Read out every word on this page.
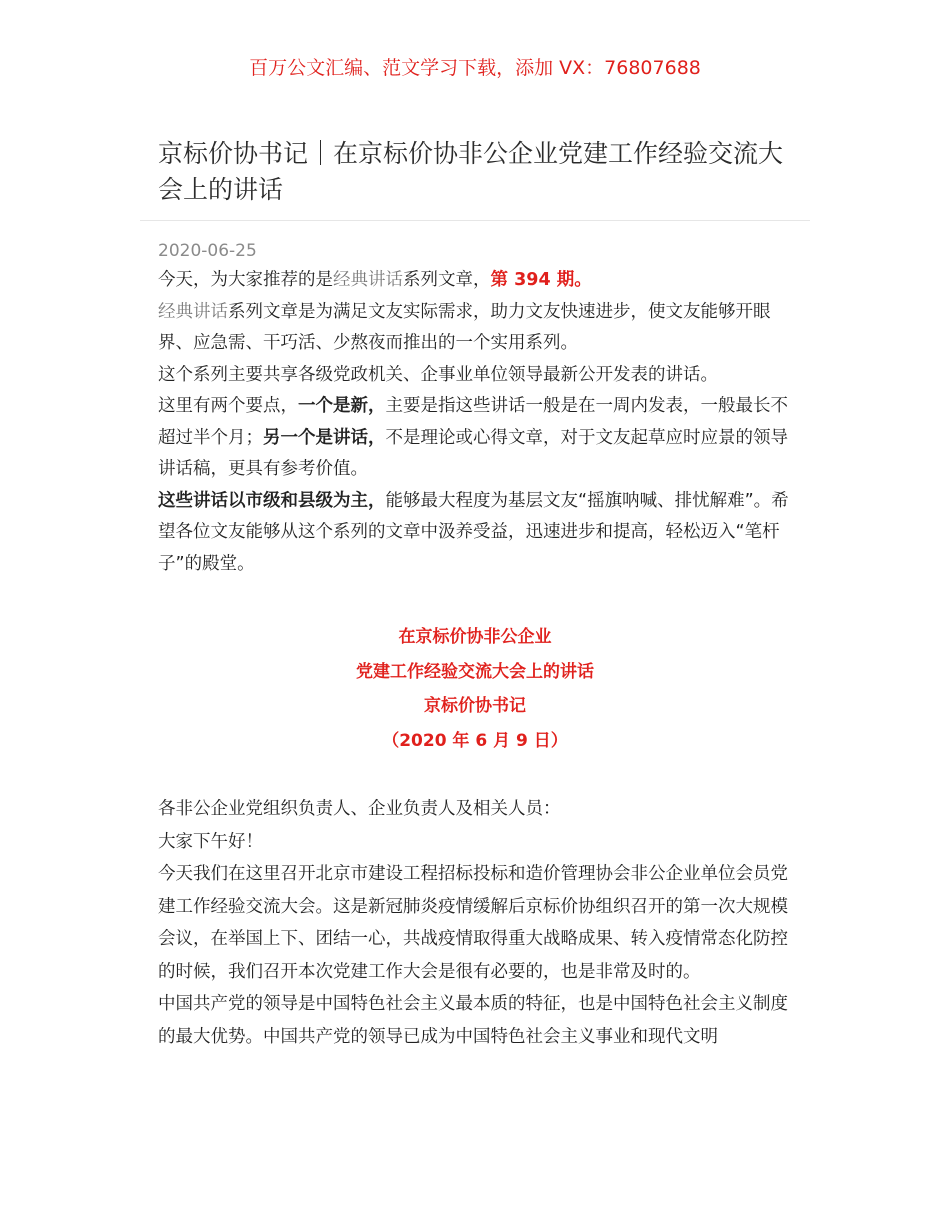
百万公文汇编、范文学习下载，添加 VX：76807688
京标价协书记｜在京标价协非公企业党建工作经验交流大会上的讲话
2020-06-25

今天，为大家推荐的是经典讲话系列文章，第 394 期。

经典讲话系列文章是为满足文友实际需求，助力文友快速进步，使文友能够开眼界、应急需、干巧活、少熬夜而推出的一个实用系列。

这个系列主要共享各级党政机关、企事业单位领导最新公开发表的讲话。

这里有两个要点，一个是新，主要是指这些讲话一般是在一周内发表，一般最长不超过半个月；另一个是讲话，不是理论或心得文章，对于文友起草应时应景的领导讲话稿，更具有参考价值。

这些讲话以市级和县级为主，能够最大程度为基层文友“摇旗呐喊、排忧解难”。希望各位文友能够从这个系列的文章中汲养受益，迅速进步和提高，轻松迈入“笔杆子”的殿堂。

在京标价协非公企业
党建工作经验交流大会上的讲话
京标价协书记
（2020 年 6 月 9 日）

各非公企业党组织负责人、企业负责人及相关人员：

大家下午好！

今天我们在这里召开北京市建设工程招标投标和造价管理协会非公企业单位会员党建工作经验交流大会。这是新冠肺炎疫情缓解后京标价协组织召开的第一次大规模会议，在举国上下、团结一心，共战疫情取得重大战略成果、转入疫情常态化防控的时候，我们召开本次党建工作大会是很有必要的，也是非常及时的。

中国共产党的领导是中国特色社会主义最本质的特征，也是中国特色社会主义制度的最大优势。中国共产党的领导已成为中国特色社会主义事业和现代文明
